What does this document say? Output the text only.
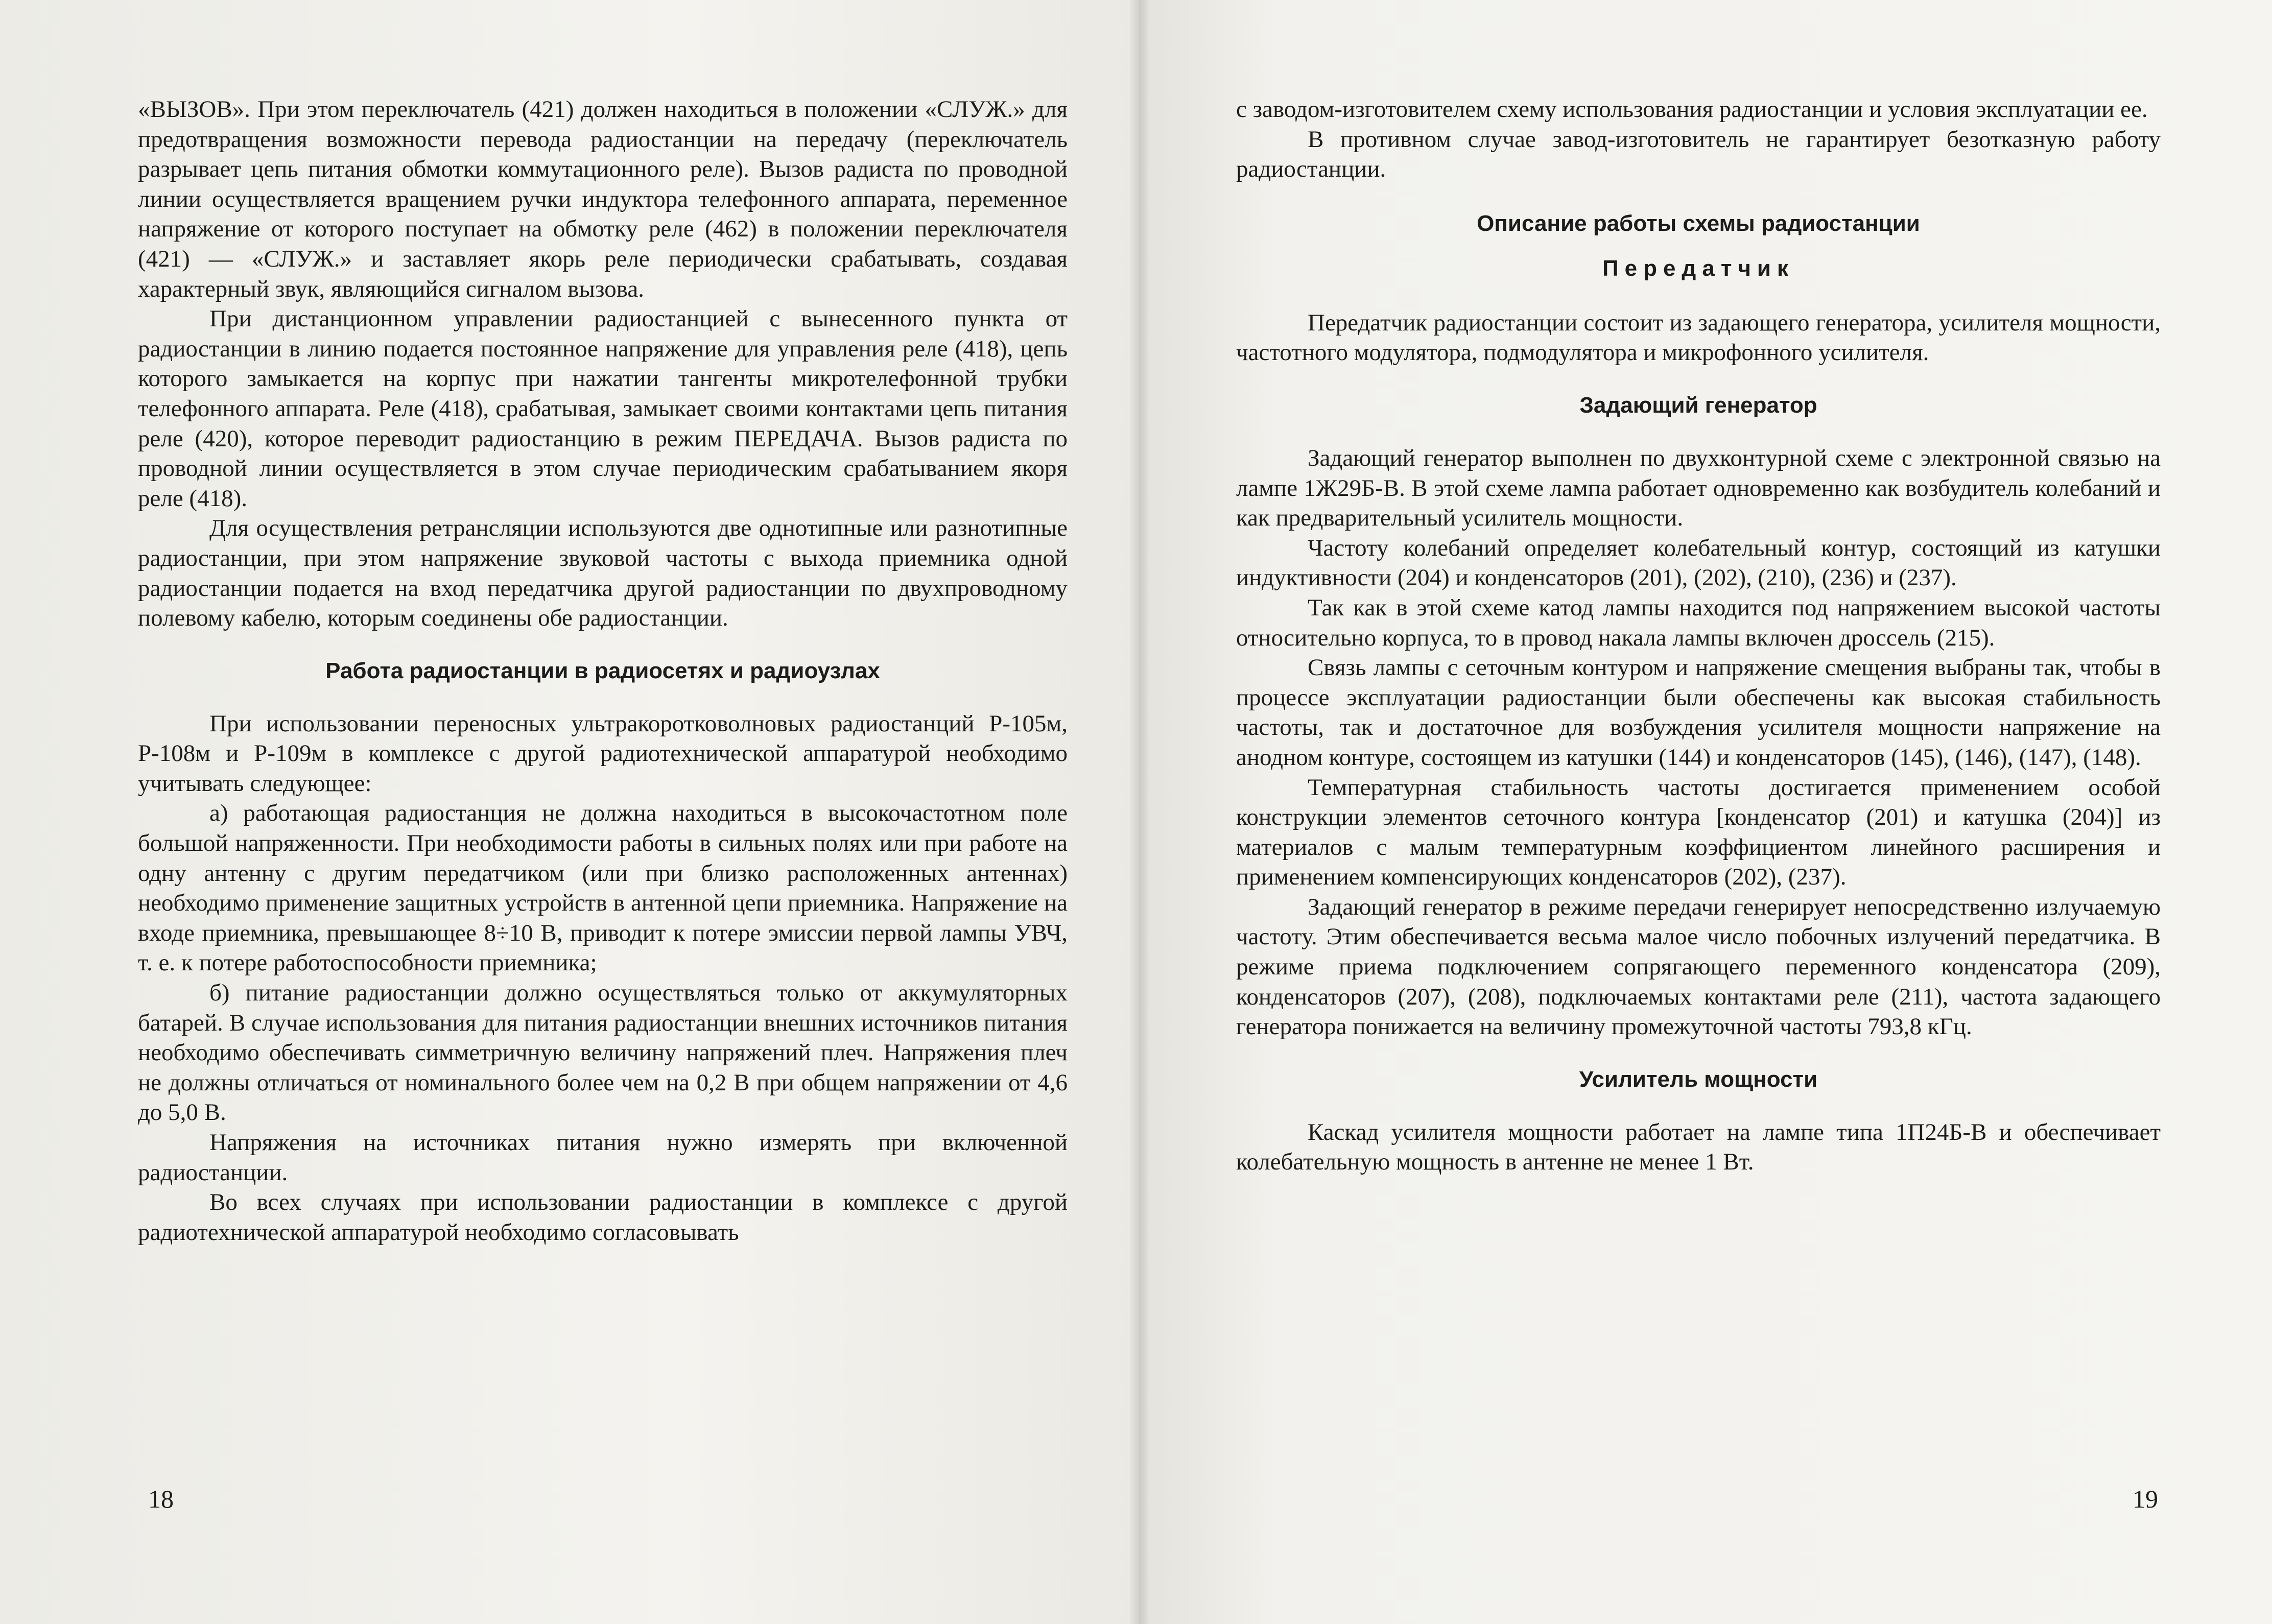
«ВЫЗОВ». При этом переключатель (421) должен находиться в положении «СЛУЖ.» для предотвращения возможности перевода радиостанции на передачу (переключатель разрывает цепь питания обмотки коммутационного реле). Вызов радиста по проводной линии осуществляется вращением ручки индуктора телефонного аппарата, переменное напряжение от которого поступает на обмотку реле (462) в положении переключателя (421) — «СЛУЖ.» и заставляет якорь реле периодически срабатывать, создавая характерный звук, являющийся сигналом вызова.

При дистанционном управлении радиостанцией с вынесенного пункта от радиостанции в линию подается постоянное напряжение для управления реле (418), цепь которого замыкается на корпус при нажатии тангенты микротелефонной трубки телефонного аппарата. Реле (418), срабатывая, замыкает своими контактами цепь питания реле (420), которое переводит радиостанцию в режим ПЕРЕДАЧА. Вызов радиста по проводной линии осуществляется в этом случае периодическим срабатыванием якоря реле (418).

Для осуществления ретрансляции используются две однотипные или разнотипные радиостанции, при этом напряжение звуковой частоты с выхода приемника одной радиостанции подается на вход передатчика другой радиостанции по двухпроводному полевому кабелю, которым соединены обе радиостанции.

Работа радиостанции в радиосетях и радиоузлах

При использовании переносных ультракоротковолновых радиостанций Р-105м, Р-108м и Р-109м в комплексе с другой радиотехнической аппаратурой необходимо учитывать следующее:

а) работающая радиостанция не должна находиться в высокочастотном поле большой напряженности. При необходимости работы в сильных полях или при работе на одну антенну с другим передатчиком (или при близко расположенных антеннах) необходимо применение защитных устройств в антенной цепи приемника. Напряжение на входе приемника, превышающее 8÷10 В, приводит к потере эмиссии первой лампы УВЧ, т. е. к потере работоспособности приемника;

б) питание радиостанции должно осуществляться только от аккумуляторных батарей. В случае использования для питания радиостанции внешних источников питания необходимо обеспечивать симметричную величину напряжений плеч. Напряжения плеч не должны отличаться от номинального более чем на 0,2 В при общем напряжении от 4,6 до 5,0 В.

Напряжения на источниках питания нужно измерять при включенной радиостанции.

Во всех случаях при использовании радиостанции в комплексе с другой радиотехнической аппаратурой необходимо согласовывать

18

с заводом-изготовителем схему использования радиостанции и условия эксплуатации ее.

В противном случае завод-изготовитель не гарантирует безотказную работу радиостанции.

Описание работы схемы радиостанции
Передатчик

Передатчик радиостанции состоит из задающего генератора, усилителя мощности, частотного модулятора, подмодулятора и микрофонного усилителя.

Задающий генератор

Задающий генератор выполнен по двухконтурной схеме с электронной связью на лампе 1Ж29Б-В. В этой схеме лампа работает одновременно как возбудитель колебаний и как предварительный усилитель мощности.

Частоту колебаний определяет колебательный контур, состоящий из катушки индуктивности (204) и конденсаторов (201), (202), (210), (236) и (237).

Так как в этой схеме катод лампы находится под напряжением высокой частоты относительно корпуса, то в провод накала лампы включен дроссель (215).

Связь лампы с сеточным контуром и напряжение смещения выбраны так, чтобы в процессе эксплуатации радиостанции были обеспечены как высокая стабильность частоты, так и достаточное для возбуждения усилителя мощности напряжение на анодном контуре, состоящем из катушки (144) и конденсаторов (145), (146), (147), (148).

Температурная стабильность частоты достигается применением особой конструкции элементов сеточного контура [конденсатор (201) и катушка (204)] из материалов с малым температурным коэффициентом линейного расширения и применением компенсирующих конденсаторов (202), (237).

Задающий генератор в режиме передачи генерирует непосредственно излучаемую частоту. Этим обеспечивается весьма малое число побочных излучений передатчика. В режиме приема подключением сопрягающего переменного конденсатора (209), конденсаторов (207), (208), подключаемых контактами реле (211), частота задающего генератора понижается на величину промежуточной частоты 793,8 кГц.

Усилитель мощности

Каскад усилителя мощности работает на лампе типа 1П24Б-В и обеспечивает колебательную мощность в антенне не менее 1 Вт.

19
